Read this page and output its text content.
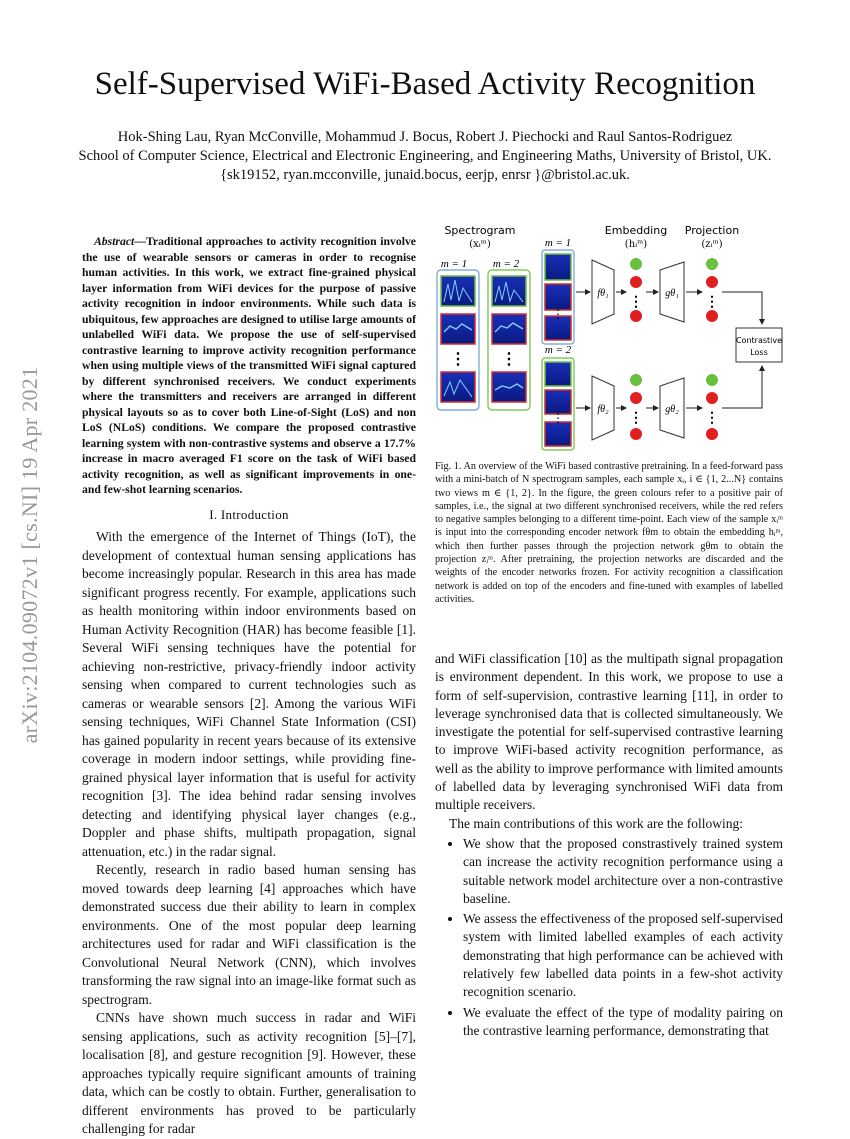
arXiv:2104.09072v1 [cs.NI] 19 Apr 2021
Self-Supervised WiFi-Based Activity Recognition
Hok-Shing Lau, Ryan McConville, Mohammud J. Bocus, Robert J. Piechocki and Raul Santos-Rodriguez
School of Computer Science, Electrical and Electronic Engineering, and Engineering Maths, University of Bristol, UK.
{sk19152, ryan.mcconville, junaid.bocus, eerjp, enrsr }@bristol.ac.uk.

Abstract—Traditional approaches to activity recognition involve the use of wearable sensors or cameras in order to recognise human activities. In this work, we extract fine-grained physical layer information from WiFi devices for the purpose of passive activity recognition in indoor environments. While such data is ubiquitous, few approaches are designed to utilise large amounts of unlabelled WiFi data. We propose the use of self-supervised contrastive learning to improve activity recognition performance when using multiple views of the transmitted WiFi signal captured by different synchronised receivers. We conduct experiments where the transmitters and receivers are arranged in different physical layouts so as to cover both Line-of-Sight (LoS) and non LoS (NLoS) conditions. We compare the proposed contrastive learning system with non-contrastive systems and observe a 17.7% increase in macro averaged F1 score on the task of WiFi based activity recognition, as well as significant improvements in one- and few-shot learning scenarios.

I. Introduction

With the emergence of the Internet of Things (IoT), the development of contextual human sensing applications has become increasingly popular. Research in this area has made significant progress recently. For example, applications such as health monitoring within indoor environments based on Human Activity Recognition (HAR) has become feasible [1]. Several WiFi sensing techniques have the potential for achieving non-restrictive, privacy-friendly indoor activity sensing when compared to current technologies such as cameras or wearable sensors [2]. Among the various WiFi sensing techniques, WiFi Channel State Information (CSI) has gained popularity in recent years because of its extensive coverage in modern indoor settings, while providing fine-grained physical layer information that is useful for activity recognition [3]. The idea behind radar sensing involves detecting and identifying physical layer changes (e.g., Doppler and phase shifts, multipath propagation, signal attenuation, etc.) in the radar signal.

Recently, research in radio based human sensing has moved towards deep learning [4] approaches which have demonstrated success due their ability to learn in complex environments. One of the most popular deep learning architectures used for radar and WiFi classification is the Convolutional Neural Network (CNN), which involves transforming the raw signal into an image-like format such as spectrogram.

CNNs have shown much success in radar and WiFi sensing applications, such as activity recognition [5]–[7], localisation [8], and gesture recognition [9]. However, these approaches typically require significant amounts of training data, which can be costly to obtain. Further, generalisation to different environments has proved to be particularly challenging for radar

Spectrogram
(xᵢᵐ)
Embedding
(hᵢᵐ)
Projection
(zᵢᵐ)
m = 1 m = 2
⋮ ⋮
m = 1
⋮
fθ₁
⋮
gθ₁
⋮
Contrastive
Loss
m = 2
⋮
fθ₂
⋮
gθ₂
⋮

Fig. 1. An overview of the WiFi based contrastive pretraining. In a feed-forward pass with a mini-batch of N spectrogram samples, each sample xᵢ, i ∈ {1, 2...N} contains two views m ∈ {1, 2}. In the figure, the green colours refer to a positive pair of samples, i.e., the signal at two different synchronised receivers, while the red refers to negative samples belonging to a different time-point. Each view of the sample xᵢᵐ is input into the corresponding encoder network fθm to obtain the embedding hᵢᵐ, which then further passes through the projection network gθm to obtain the projection zᵢᵐ. After pretraining, the projection networks are discarded and the weights of the encoder networks frozen. For activity recognition a classification network is added on top of the encoders and fine-tuned with examples of labelled activities.

and WiFi classification [10] as the multipath signal propagation is environment dependent. In this work, we propose to use a form of self-supervision, contrastive learning [11], in order to leverage synchronised data that is collected simultaneously. We investigate the potential for self-supervised contrastive learning to improve WiFi-based activity recognition performance, as well as the ability to improve performance with limited amounts of labelled data by leveraging synchronised WiFi data from multiple receivers.

The main contributions of this work are the following:

• We show that the proposed constrastively trained system can increase the activity recognition performance using a suitable network model architecture over a non-contrastive baseline.
• We assess the effectiveness of the proposed self-supervised system with limited labelled examples of each activity demonstrating that high performance can be achieved with relatively few labelled data points in a few-shot activity recognition scenario.
• We evaluate the effect of the type of modality pairing on the contrastive learning performance, demonstrating that
